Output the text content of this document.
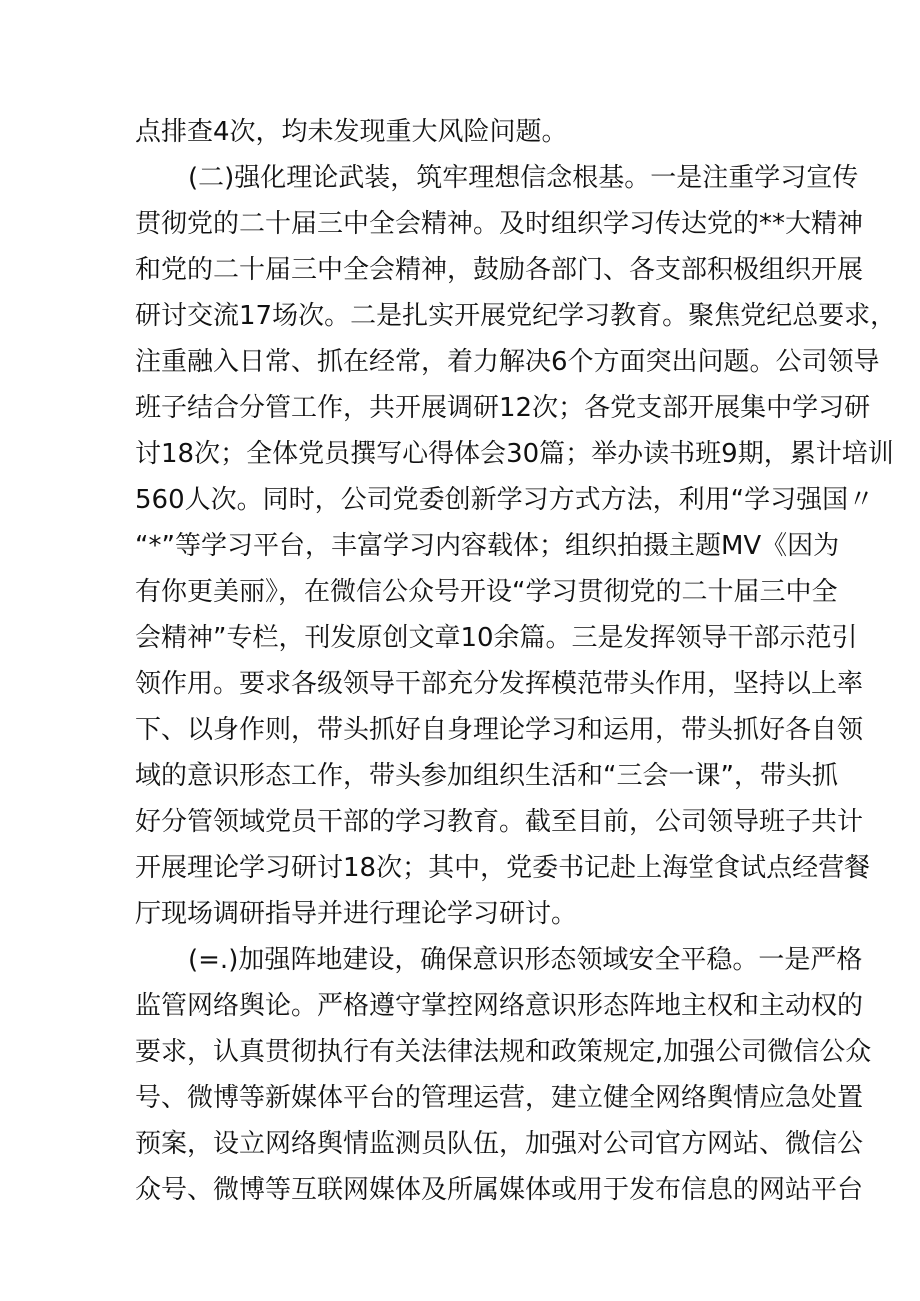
点排查4次，均未发现重大风险问题。
(二)强化理论武装，筑牢理想信念根基。一是注重学习宣传
贯彻党的二十届三中全会精神。及时组织学习传达党的**大精神
和党的二十届三中全会精神，鼓励各部门、各支部积极组织开展
研讨交流17场次。二是扎实开展党纪学习教育。聚焦党纪总要求，
注重融入日常、抓在经常，着力解决6个方面突出问题。公司领导
班子结合分管工作，共开展调研12次；各党支部开展集中学习研
讨18次；全体党员撰写心得体会30篇；举办读书班9期，累计培训
560人次。同时，公司党委创新学习方式方法，利用“学习强国〃
“*”等学习平台，丰富学习内容载体；组织拍摄主题MV《因为
有你更美丽》，在微信公众号开设“学习贯彻党的二十届三中全
会精神”专栏，刊发原创文章10余篇。三是发挥领导干部示范引
领作用。要求各级领导干部充分发挥模范带头作用，坚持以上率
下、以身作则，带头抓好自身理论学习和运用，带头抓好各自领
域的意识形态工作，带头参加组织生活和“三会一课”，带头抓
好分管领域党员干部的学习教育。截至目前，公司领导班子共计
开展理论学习研讨18次；其中，党委书记赴上海堂食试点经营餐
厅现场调研指导并进行理论学习研讨。
(=.)加强阵地建设，确保意识形态领域安全平稳。一是严格
监管网络舆论。严格遵守掌控网络意识形态阵地主权和主动权的
要求，认真贯彻执行有关法律法规和政策规定,加强公司微信公众
号、微博等新媒体平台的管理运营，建立健全网络舆情应急处置
预案，设立网络舆情监测员队伍，加强对公司官方网站、微信公
众号、微博等互联网媒体及所属媒体或用于发布信息的网站平台
